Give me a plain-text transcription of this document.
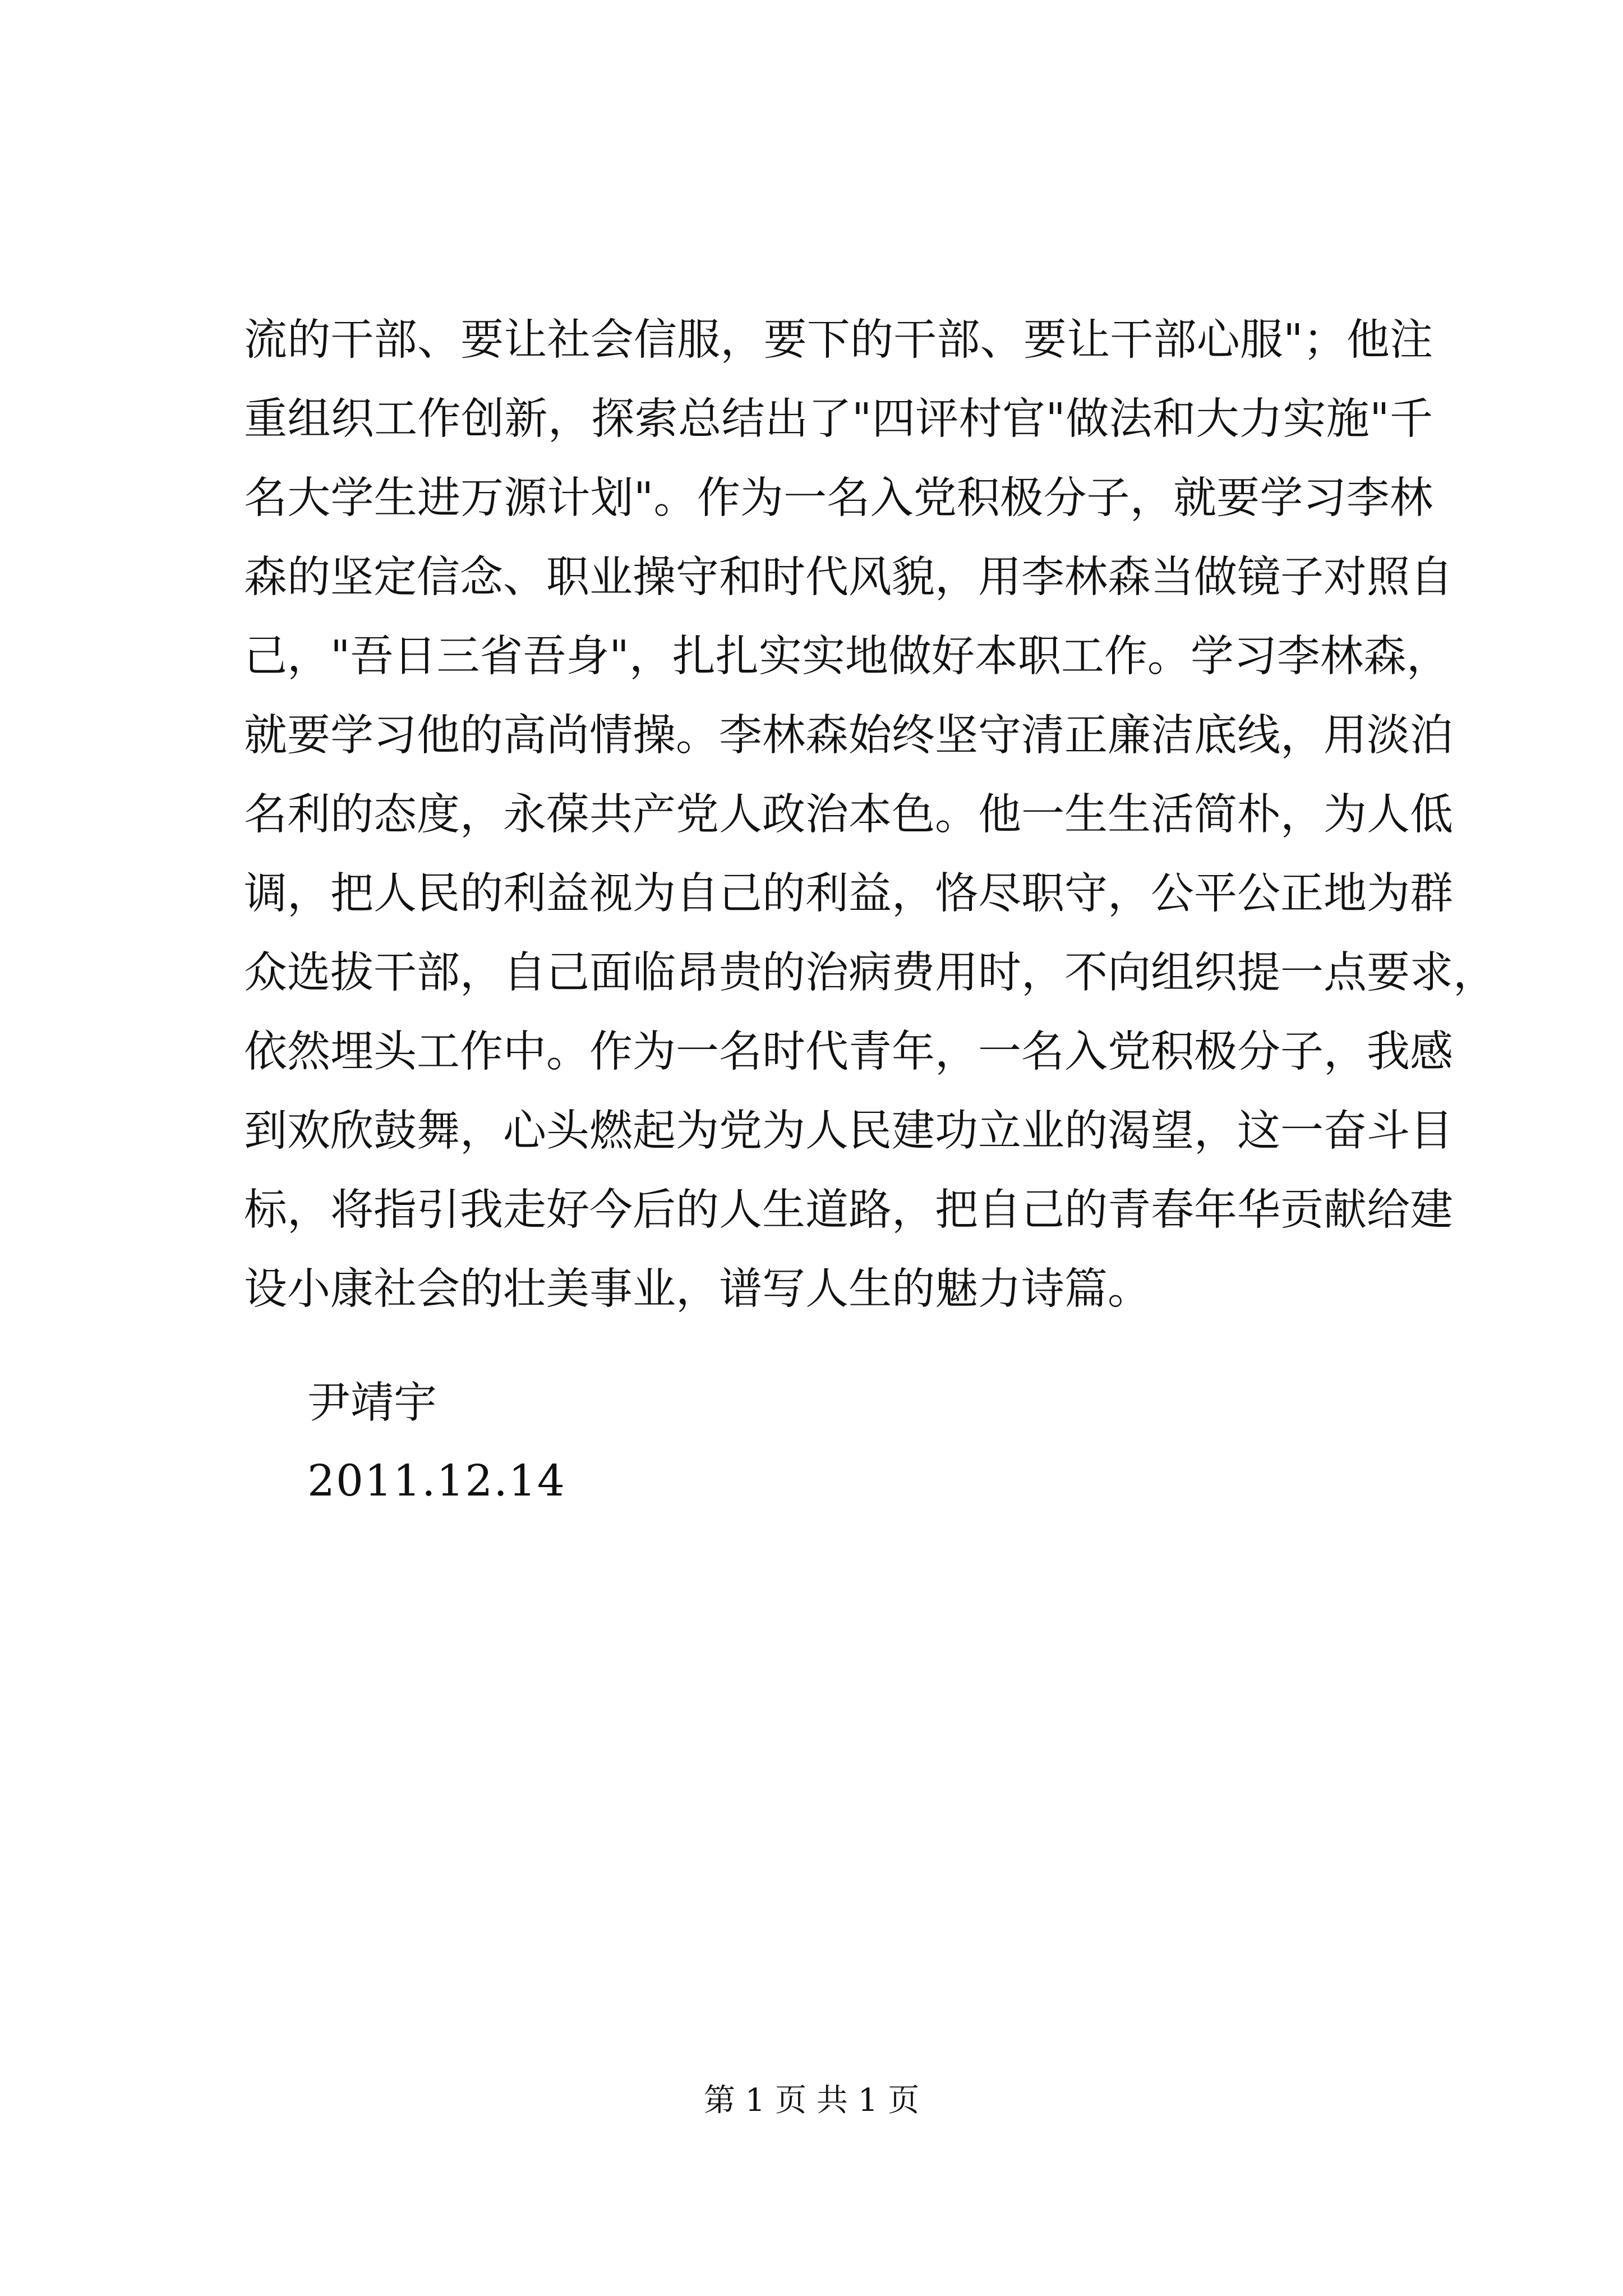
流的干部、要让社会信服，要下的干部、要让干部心服"；他注
重组织工作创新，探索总结出了"四评村官"做法和大力实施"千
名大学生进万源计划"。作为一名入党积极分子，就要学习李林
森的坚定信念、职业操守和时代风貌，用李林森当做镜子对照自
己，"吾日三省吾身"，扎扎实实地做好本职工作。学习李林森，
就要学习他的高尚情操。李林森始终坚守清正廉洁底线，用淡泊
名利的态度，永葆共产党人政治本色。他一生生活简朴，为人低
调，把人民的利益视为自己的利益，恪尽职守，公平公正地为群
众选拔干部，自己面临昂贵的治病费用时，不向组织提一点要求，
依然埋头工作中。作为一名时代青年，一名入党积极分子，我感
到欢欣鼓舞，心头燃起为党为人民建功立业的渴望，这一奋斗目
标，将指引我走好今后的人生道路，把自己的青春年华贡献给建
设小康社会的壮美事业，谱写人生的魅力诗篇。
尹靖宇
2011.12.14
第 1 页 共 1 页
